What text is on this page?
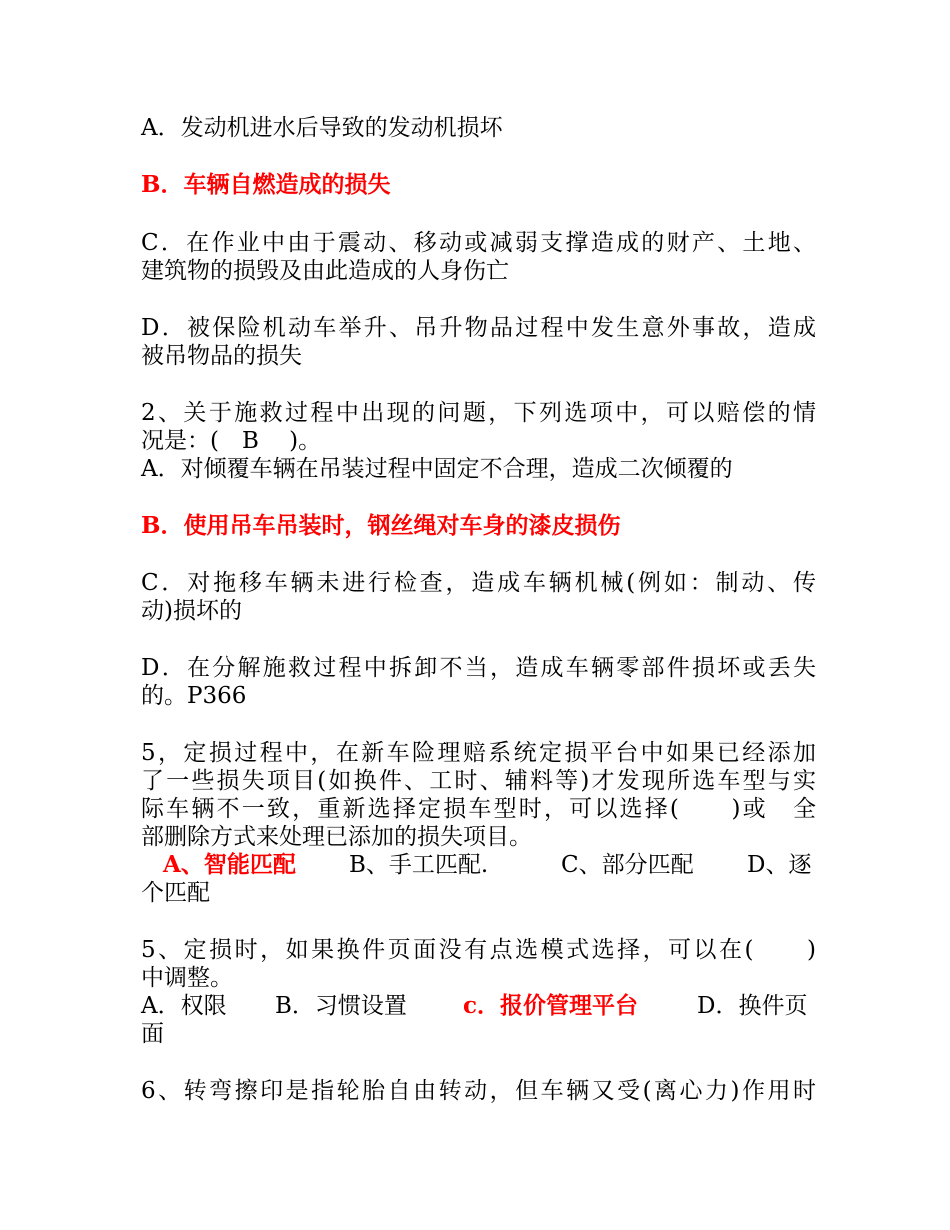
A．发动机进水后导致的发动机损坏
B．车辆自燃造成的损失
C．在作业中由于震动、移动或减弱支撑造成的财产、土地、
建筑物的损毁及由此造成的人身伤亡
D．被保险机动车举升、吊升物品过程中发生意外事故，造成
被吊物品的损失
2、关于施救过程中出现的问题，下列选项中，可以赔偿的情
况是：(　B　 )。
A．对倾覆车辆在吊装过程中固定不合理，造成二次倾覆的
B．使用吊车吊装时，钢丝绳对车身的漆皮损伤
C．对拖移车辆未进行检查，造成车辆机械(例如：制动、传
动)损坏的
D．在分解施救过程中拆卸不当，造成车辆零部件损坏或丢失
的。P366
5，定损过程中，在新车险理赔系统定损平台中如果已经添加
了一些损失项目(如换件、工时、辅料等)才发现所选车型与实
际车辆不一致，重新选择定损车型时，可以选择(　　)或　全
部删除方式来处理已添加的损失项目。
A、智能匹配 B、手工匹配.	C、部分匹配 D、逐
个匹配
5、定损时，如果换件页面没有点选模式选择，可以在(　　)
中调整。
A．权限 B．习惯设置 c．报价管理平台	D．换件页
面
6、转弯擦印是指轮胎自由转动，但车辆又受(离心力)作用时
